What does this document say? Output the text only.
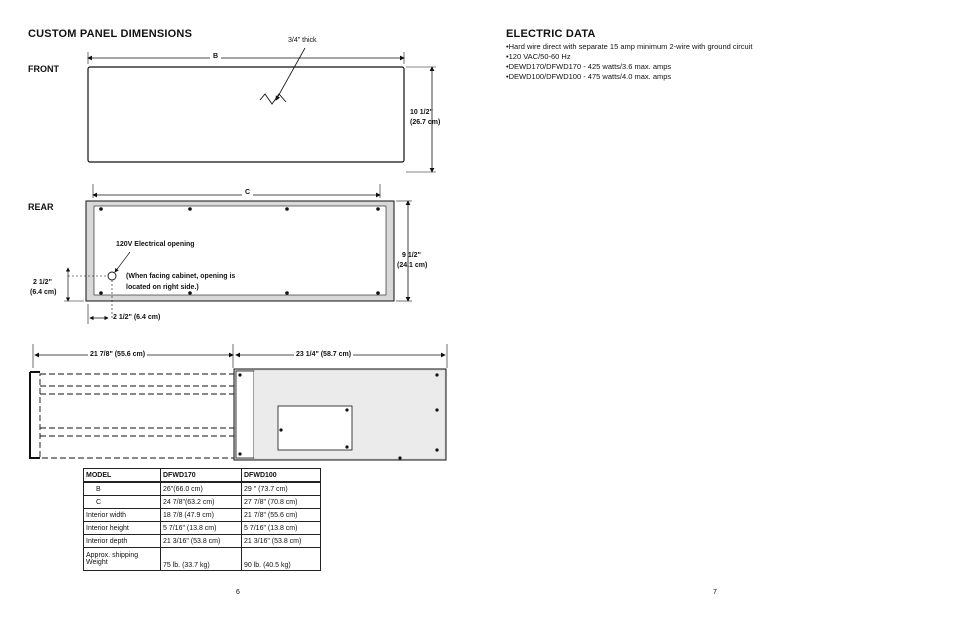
CUSTOM PANEL DIMENSIONS
FRONT
REAR
3/4" thick
B
10 1/2"
(26.7 cm)
C
120V Electrical opening
(When facing cabinet, opening is
located on right side.)
9 1/2"
(24.1 cm)
2 1/2"
(6.4 cm)
2 1/2" (6.4 cm)
21 7/8" (55.6 cm)	23 1/4" (58.7 cm)
MODEL	DFWD170	DFWD100
B	26"(66.0 cm)	29 " (73.7 cm)
C	24 7/8"(63.2 cm)	27 7/8" (70.8 cm)
Interior width	18 7/8 (47.9 cm)	21 7/8" (55.6 cm)
Interior height	5 7/16" (13.8 cm)	5 7/16" (13.8 cm)
Interior depth	21 3/16" (53.8 cm)	21 3/16" (53.8 cm)
Approx. shipping Weight	75 lb. (33.7 kg)	90 lb. (40.5 kg)
6
ELECTRIC DATA
•Hard wire direct with separate 15 amp minimum 2-wire with ground circuit
•120 VAC/50-60 Hz
•DEWD170/DFWD170 - 425 watts/3.6 max. amps
•DEWD100/DFWD100 - 475 watts/4.0 max. amps
7
